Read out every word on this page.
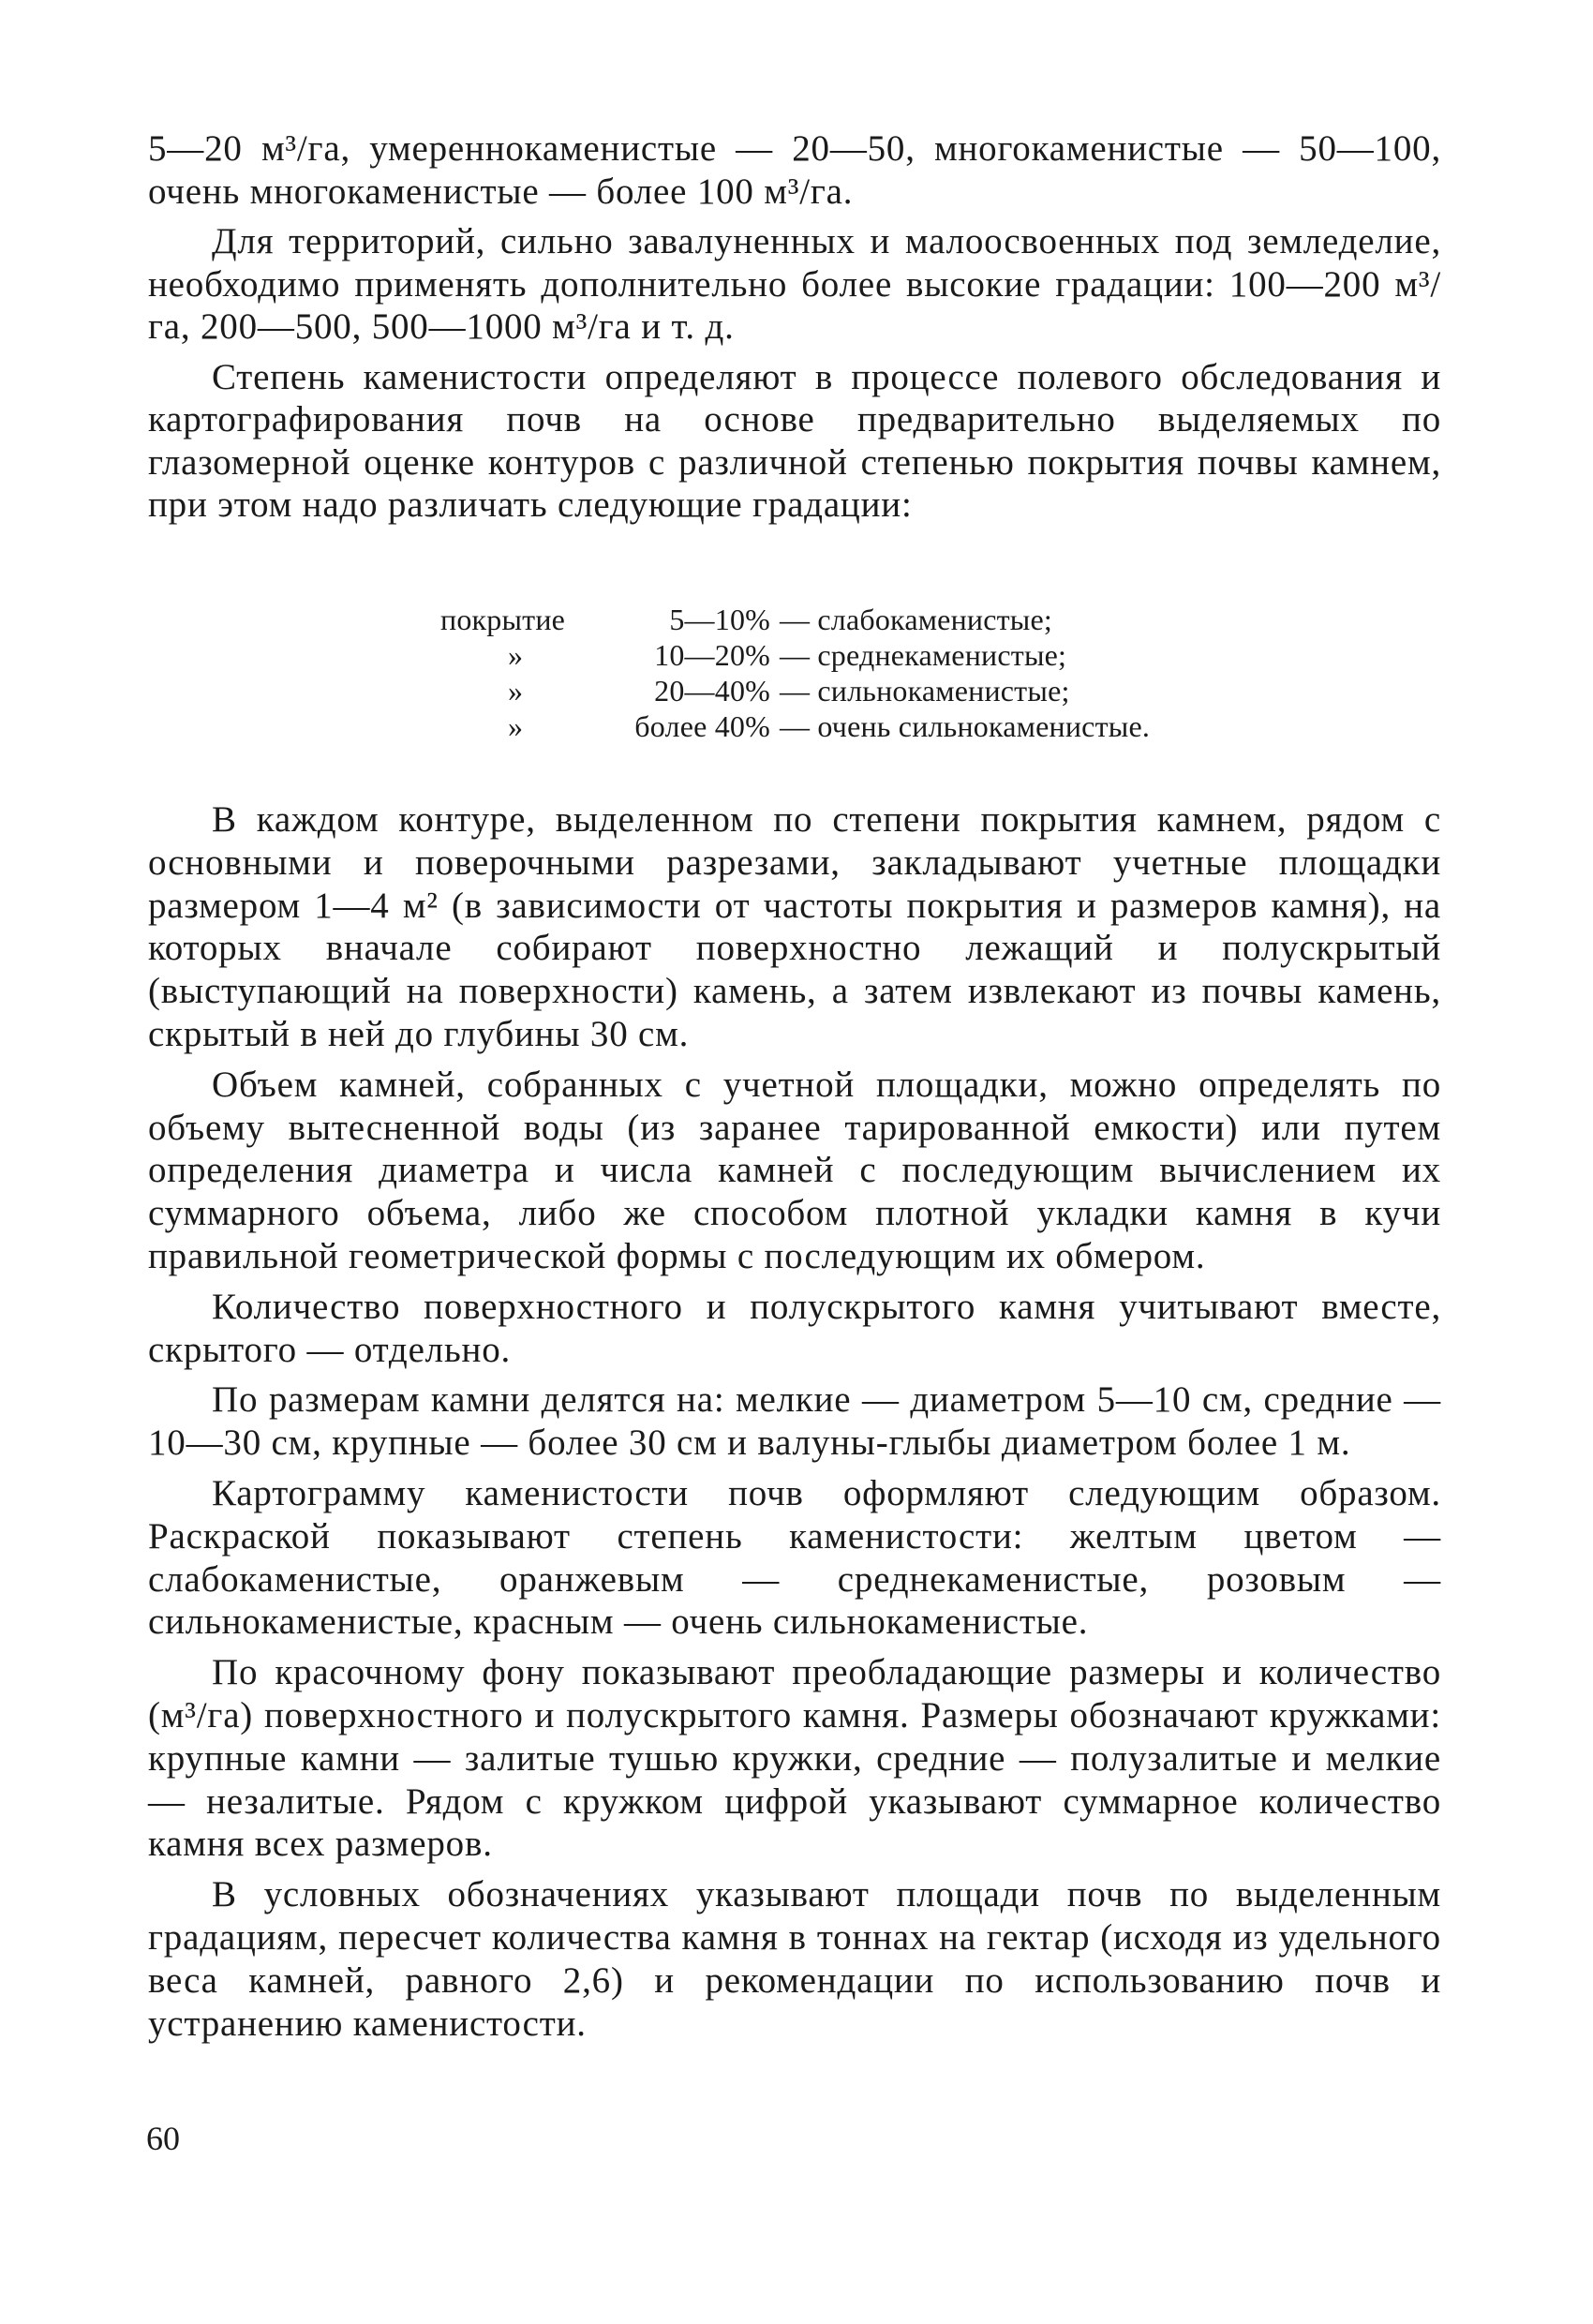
5—20 м³/га, умереннокаменистые — 20—50, многокаменистые — 50—100, очень многокаменистые — более 100 м³/га.

Для территорий, сильно завалуненных и малоосвоенных под земледелие, необходимо применять дополнительно более высокие градации: 100—200 м³/га, 200—500, 500—1000 м³/га и т. д.

Степень каменистости определяют в процессе полевого обследования и картографирования почв на основе предварительно выделяемых по глазомерной оценке контуров с различной степенью покрытия почвы камнем, при этом надо различать следующие градации:

покрытие	5—10% — слабокаменистые;
»	10—20% — среднекаменистые;
»	20—40% — сильнокаменистые;
»	более 40% — очень сильнокаменистые.

В каждом контуре, выделенном по степени покрытия камнем, рядом с основными и поверочными разрезами, закладывают учетные площадки размером 1—4 м² (в зависимости от частоты покрытия и размеров камня), на которых вначале собирают поверхностно лежащий и полускрытый (выступающий на поверхности) камень, а затем извлекают из почвы камень, скрытый в ней до глубины 30 см.

Объем камней, собранных с учетной площадки, можно определять по объему вытесненной воды (из заранее тарированной емкости) или путем определения диаметра и числа камней с последующим вычислением их суммарного объема, либо же способом плотной укладки камня в кучи правильной геометрической формы с последующим их обмером.

Количество поверхностного и полускрытого камня учитывают вместе, скрытого — отдельно.

По размерам камни делятся на: мелкие — диаметром 5—10 см, средние — 10—30 см, крупные — более 30 см и валуны-глыбы диаметром более 1 м.

Картограмму каменистости почв оформляют следующим образом. Раскраской показывают степень каменистости: желтым цветом — слабокаменистые, оранжевым — среднекаменистые, розовым — сильнокаменистые, красным — очень сильнокаменистые.

По красочному фону показывают преобладающие размеры и количество (м³/га) поверхностного и полускрытого камня. Размеры обозначают кружками: крупные камни — залитые тушью кружки, средние — полузалитые и мелкие — незалитые. Рядом с кружком цифрой указывают суммарное количество камня всех размеров.

В условных обозначениях указывают площади почв по выделенным градациям, пересчет количества камня в тоннах на гектар (исходя из удельного веса камней, равного 2,6) и рекомендации по использованию почв и устранению каменистости.

60
